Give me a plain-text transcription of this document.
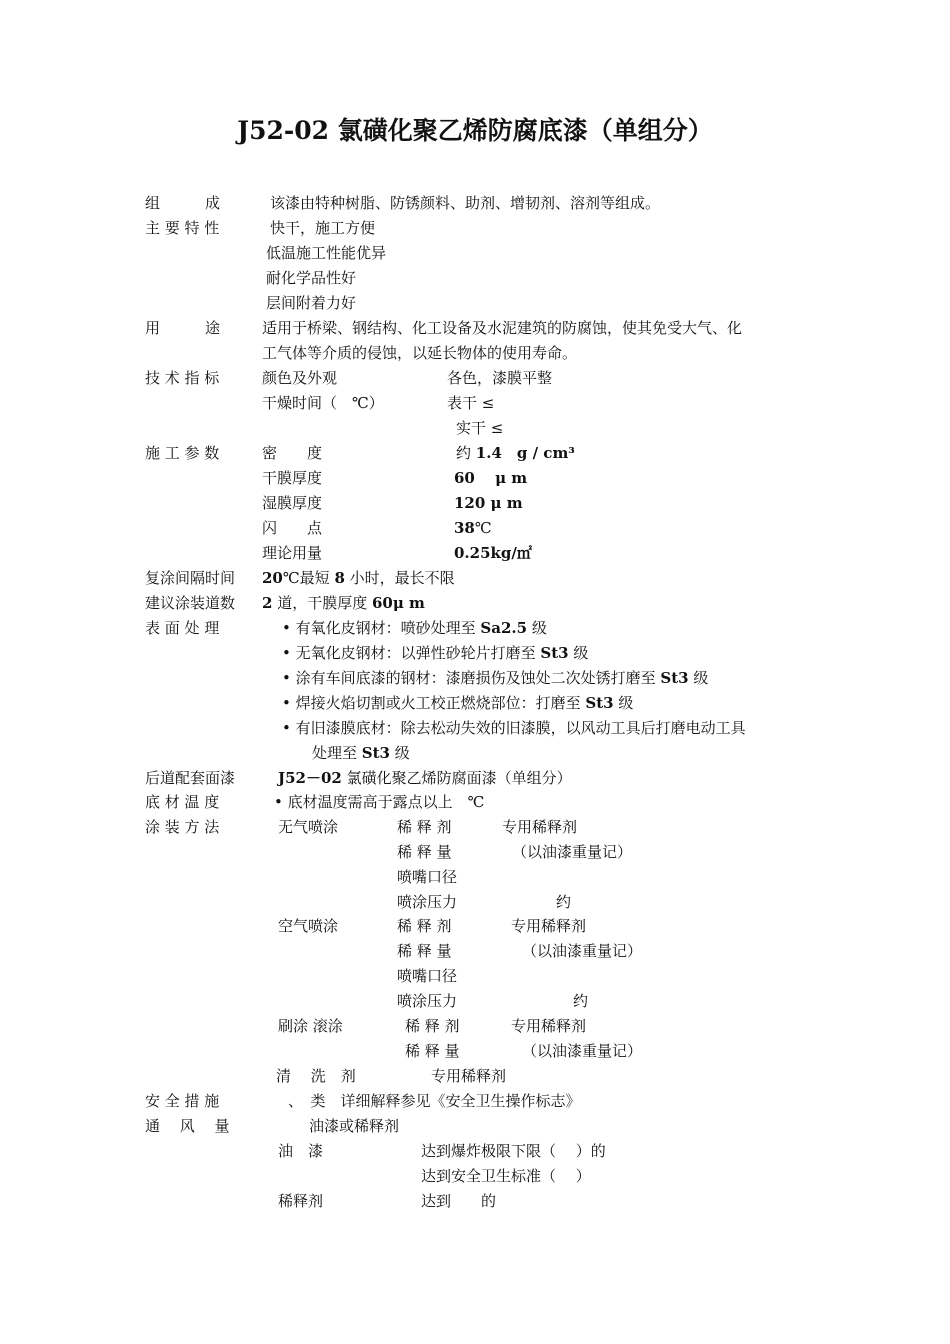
J52-02 氯磺化聚乙烯防腐底漆（单组分）
组　　　成	该漆由特种树脂、防锈颜料、助剂、增韧剂、溶剂等组成。
主 要 特 性	快干，施工方便
低温施工性能优异
耐化学品性好
层间附着力好
用　　　途	适用于桥梁、钢结构、化工设备及水泥建筑的防腐蚀，使其免受大气、化
工气体等介质的侵蚀，以延长物体的使用寿命。
技 术 指 标	颜色及外观	各色，漆膜平整
干燥时间（　℃）	表干 ≤
实干 ≤
施 工 参 数	密　　度	约 1.4　g / cm³
干膜厚度	60　 μ m
湿膜厚度	120 μ m
闪　　点	38℃
理论用量	0.25kg/㎡
复涂间隔时间 20℃最短 8 小时，最长不限
建议涂装道数 2 道，干膜厚度 60μ m
表 面 处 理	• 有氧化皮钢材：喷砂处理至 Sa2.5 级
• 无氧化皮钢材：以弹性砂轮片打磨至 St3 级
• 涂有车间底漆的钢材：漆磨损伤及蚀处二次处锈打磨至 St3 级
• 焊接火焰切割或火工校正燃烧部位：打磨至 St3 级
• 有旧漆膜底材：除去松动失效的旧漆膜，以风动工具后打磨电动工具
处理至 St3 级
后道配套面漆	J52－02 氯磺化聚乙烯防腐面漆（单组分）
底 材 温 度	• 底材温度需高于露点以上　℃
涂 装 方 法	无气喷涂	稀 释 剂	专用稀释剂
稀 释 量	（以油漆重量记）
喷嘴口径
喷涂压力	约
空气喷涂	稀 释 剂	专用稀释剂
稀 释 量	（以油漆重量记）
喷嘴口径
喷涂压力	约
刷涂 滚涂	稀 释 剂	专用稀释剂
稀 释 量	（以油漆重量记）
清　 洗　剂	专用稀释剂
安 全 措 施	、　类　详细解释参见《安全卫生操作标志》
通　 风　 量	油漆或稀释剂
油　漆	达到爆炸极限下限（　 ）的
达到安全卫生标准（　 ）
稀释剂	达到　　的
